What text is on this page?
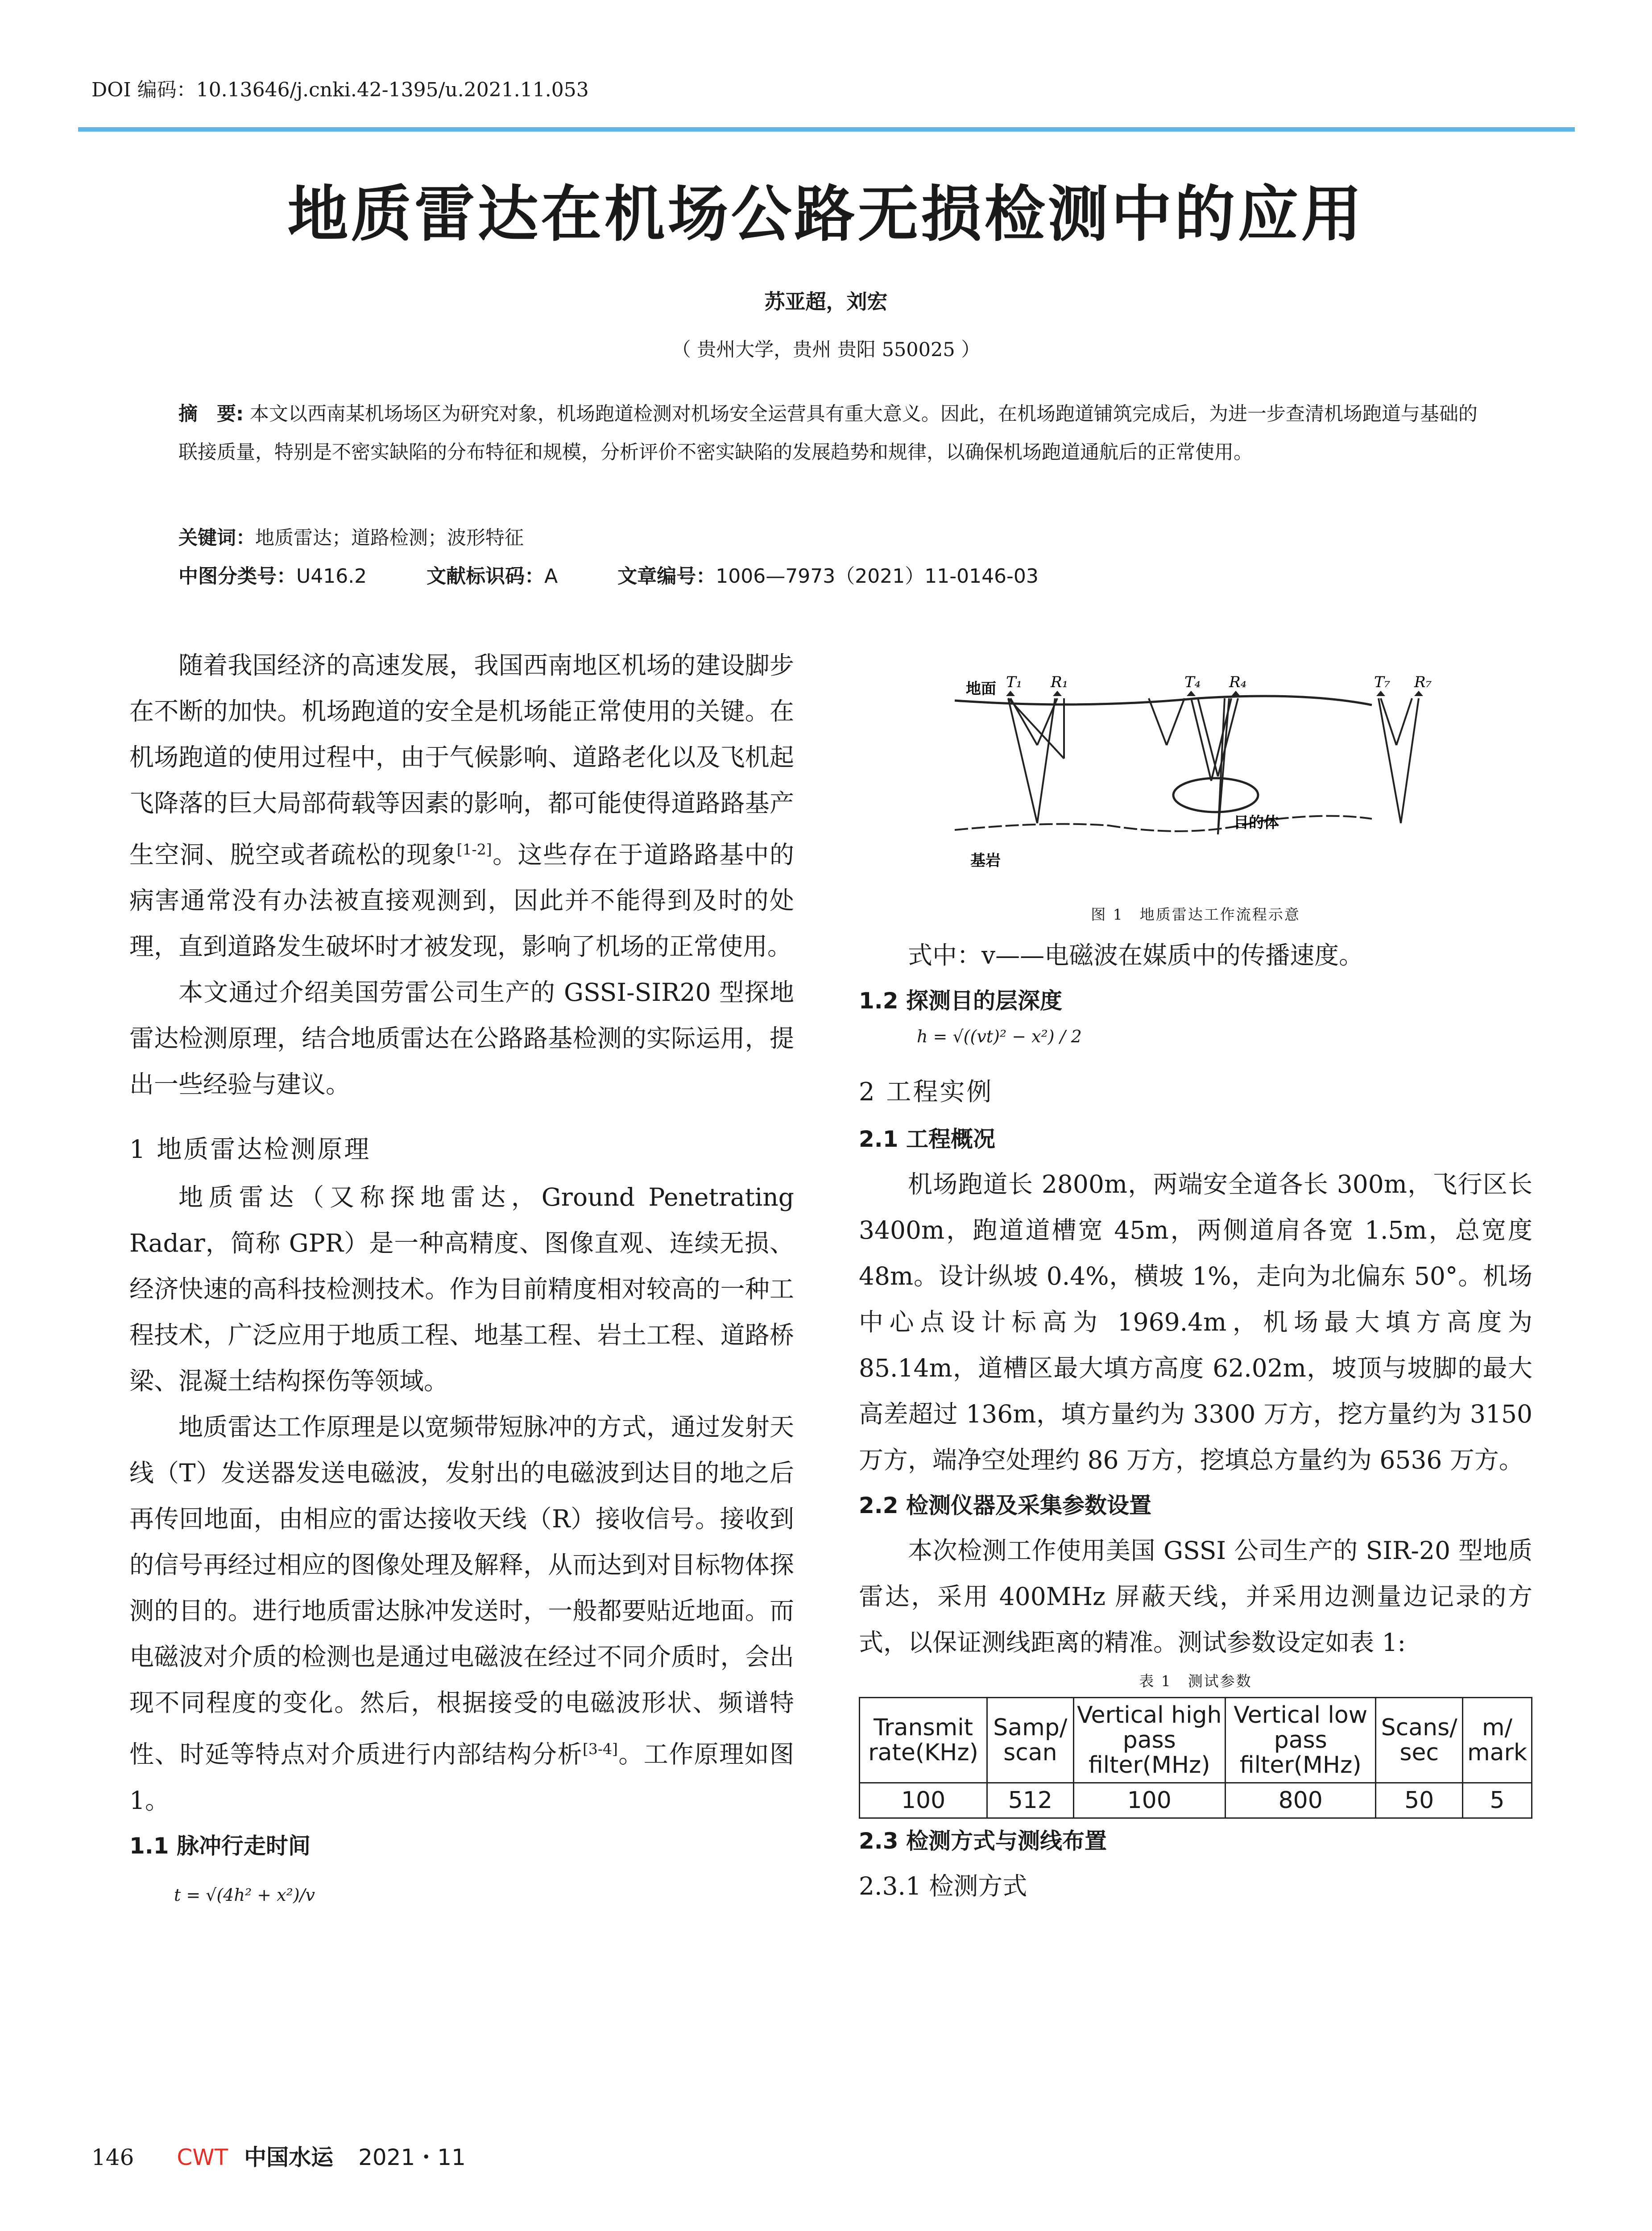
DOI 编码：10.13646/j.cnki.42-1395/u.2021.11.053
地质雷达在机场公路无损检测中的应用
苏亚超，刘宏
（ 贵州大学，贵州 贵阳 550025 ）
摘　要: 本文以西南某机场场区为研究对象，机场跑道检测对机场安全运营具有重大意义。因此，在机场跑道铺筑完成后，为进一步查清机场跑道与基础的联接质量，特别是不密实缺陷的分布特征和规模，分析评价不密实缺陷的发展趋势和规律，以确保机场跑道通航后的正常使用。
关键词：地质雷达；道路检测；波形特征
中图分类号：U416.2	文献标识码：A	文章编号：1006—7973（2021）11-0146-03

随着我国经济的高速发展，我国西南地区机场的建设脚步在不断的加快。机场跑道的安全是机场能正常使用的关键。在机场跑道的使用过程中，由于气候影响、道路老化以及飞机起飞降落的巨大局部荷载等因素的影响，都可能使得道路路基产生空洞、脱空或者疏松的现象[1-2]。这些存在于道路路基中的病害通常没有办法被直接观测到，因此并不能得到及时的处理，直到道路发生破坏时才被发现，影响了机场的正常使用。

本文通过介绍美国劳雷公司生产的 GSSI-SIR20 型探地雷达检测原理，结合地质雷达在公路路基检测的实际运用，提出一些经验与建议。

1 地质雷达检测原理

地质雷达（又称探地雷达，Ground Penetrating Radar，简称 GPR）是一种高精度、图像直观、连续无损、经济快速的高科技检测技术。作为目前精度相对较高的一种工程技术，广泛应用于地质工程、地基工程、岩土工程、道路桥梁、混凝土结构探伤等领域。

地质雷达工作原理是以宽频带短脉冲的方式，通过发射天线（T）发送器发送电磁波，发射出的电磁波到达目的地之后再传回地面，由相应的雷达接收天线（R）接收信号。接收到的信号再经过相应的图像处理及解释，从而达到对目标物体探测的目的。进行地质雷达脉冲发送时，一般都要贴近地面。而电磁波对介质的检测也是通过电磁波在经过不同介质时，会出现不同程度的变化。然后，根据接受的电磁波形状、频谱特性、时延等特点对介质进行内部结构分析[3-4]。工作原理如图 1。

1.1 脉冲行走时间
t = √(4h² + x²)/v
地面 T₁ R₁	T₄ R₄	T₇ R₇
目的体
基岩
图 1　地质雷达工作流程示意

式中：v——电磁波在媒质中的传播速度。

1.2 探测目的层深度
h = √((vt)² − x²) / 2
2 工程实例
2.1 工程概况

机场跑道长 2800m，两端安全道各长 300m，飞行区长 3400m，跑道道槽宽 45m，两侧道肩各宽 1.5m，总宽度 48m。设计纵坡 0.4%，横坡 1%，走向为北偏东 50°。机场中心点设计标高为 1969.4m，机场最大填方高度为 85.14m，道槽区最大填方高度 62.02m，坡顶与坡脚的最大高差超过 136m，填方量约为 3300 万方，挖方量约为 3150 万方，端净空处理约 86 万方，挖填总方量约为 6536 万方。

2.2 检测仪器及采集参数设置

本次检测工作使用美国 GSSI 公司生产的 SIR-20 型地质雷达，采用 400MHz 屏蔽天线，并采用边测量边记录的方式，以保证测线距离的精准。测试参数设定如表 1:

表 1　测试参数
Transmit rate(KHz)	Samp/ scan	Vertical high pass filter(MHz)	Vertical low pass filter(MHz)	Scans/ sec	m/ mark
100	512	100	800	50	5
2.3 检测方式与测线布置

2.3.1 检测方式

146 CWT 中国水运 2021・11
